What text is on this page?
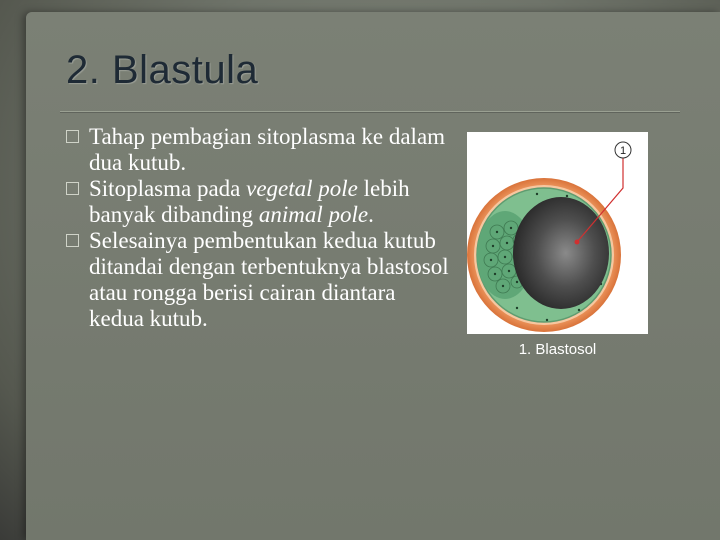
2. Blastula
Tahap pembagian sitoplasma ke dalam dua kutub.
Sitoplasma pada vegetal pole lebih banyak dibanding animal pole.
Selesainya pembentukan kedua kutub ditandai dengan terbentuknya blastosol atau rongga berisi cairan diantara kedua kutub.
1
1. Blastosol
